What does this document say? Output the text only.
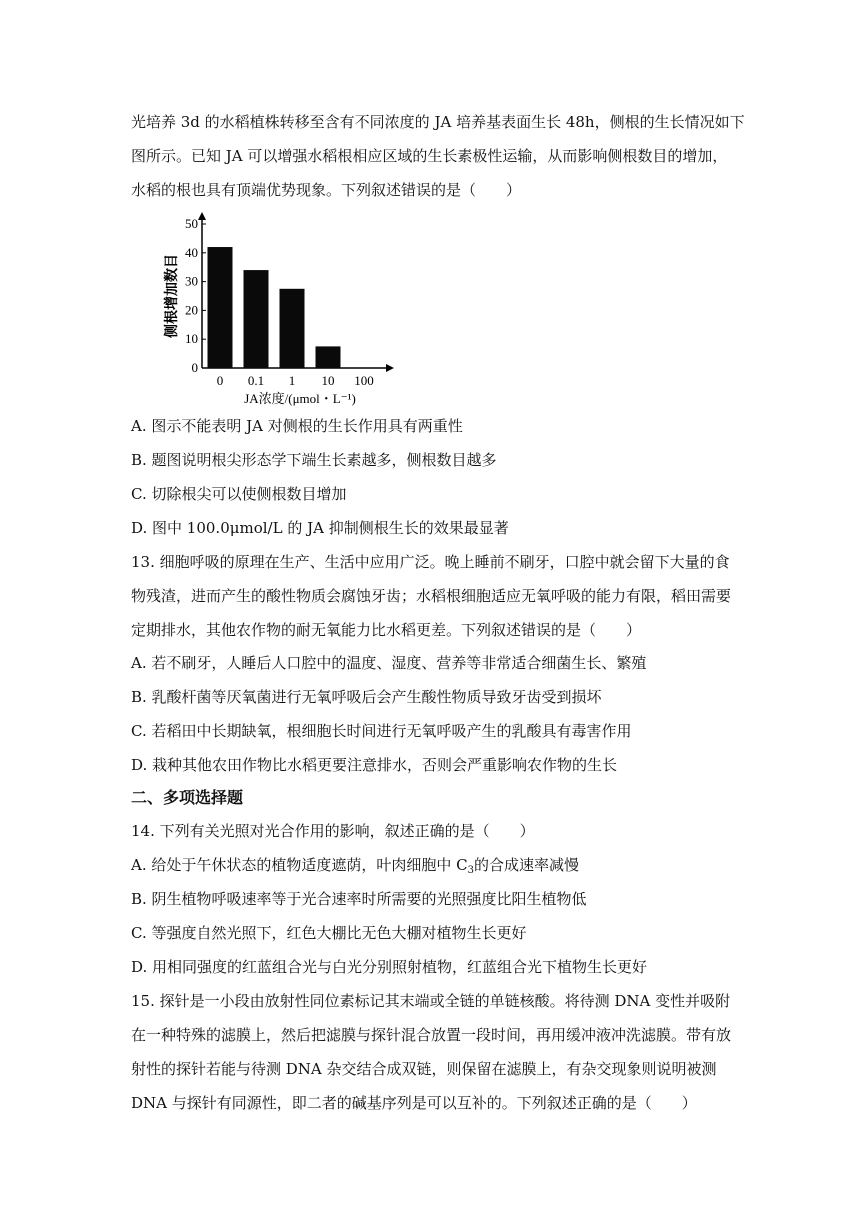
光培养 3d 的水稻植株转移至含有不同浓度的 JA 培养基表面生长 48h，侧根的生长情况如下
图所示。已知 JA 可以增强水稻根相应区域的生长素极性运输，从而影响侧根数目的增加，
水稻的根也具有顶端优势现象。下列叙述错误的是（　　）
0
10
20
30
40
50
0 0.1 1 10 100
JA浓度/(μmol・L⁻¹)
侧根增加数目
A. 图示不能表明 JA 对侧根的生长作用具有两重性
B. 题图说明根尖形态学下端生长素越多，侧根数目越多
C. 切除根尖可以使侧根数目增加
D. 图中 100.0μmol/L 的 JA 抑制侧根生长的效果最显著
13. 细胞呼吸的原理在生产、生活中应用广泛。晚上睡前不刷牙，口腔中就会留下大量的食
物残渣，进而产生的酸性物质会腐蚀牙齿；水稻根细胞适应无氧呼吸的能力有限，稻田需要
定期排水，其他农作物的耐无氧能力比水稻更差。下列叙述错误的是（　　）
A. 若不刷牙，人睡后人口腔中的温度、湿度、营养等非常适合细菌生长、繁殖
B. 乳酸杆菌等厌氧菌进行无氧呼吸后会产生酸性物质导致牙齿受到损坏
C. 若稻田中长期缺氧，根细胞长时间进行无氧呼吸产生的乳酸具有毒害作用
D. 栽种其他农田作物比水稻更要注意排水，否则会严重影响农作物的生长
二、多项选择题
14. 下列有关光照对光合作用的影响，叙述正确的是（　　）
A. 给处于午休状态的植物适度遮荫，叶肉细胞中 $C_3$的合成速率减慢
B. 阴生植物呼吸速率等于光合速率时所需要的光照强度比阳生植物低
C. 等强度自然光照下，红色大棚比无色大棚对植物生长更好
D. 用相同强度的红蓝组合光与白光分别照射植物，红蓝组合光下植物生长更好
15. 探针是一小段由放射性同位素标记其末端或全链的单链核酸。将待测 DNA 变性并吸附
在一种特殊的滤膜上，然后把滤膜与探针混合放置一段时间，再用缓冲液冲洗滤膜。带有放
射性的探针若能与待测 DNA 杂交结合成双链，则保留在滤膜上，有杂交现象则说明被测
DNA 与探针有同源性，即二者的碱基序列是可以互补的。下列叙述正确的是（　　）
